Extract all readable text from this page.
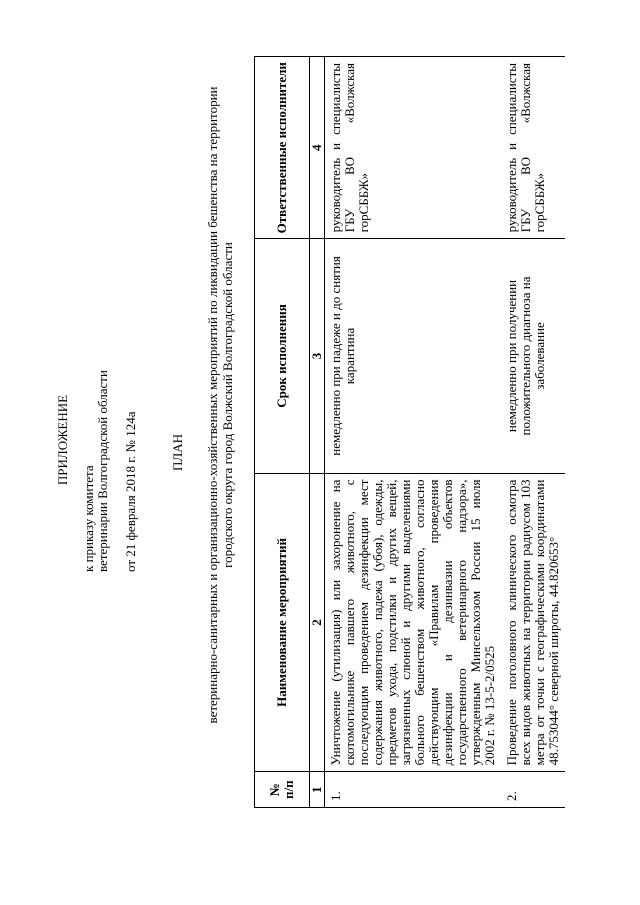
ПРИЛОЖЕНИЕ
к приказу комитета ветеринарии Волгоградской области от 21 февраля 2018 г. № 124а ПЛАН ветеринарно-санитарных и организационно-хозяйственных мероприятий по ликвидации бешенства на территории городского округа город Волжский Волгоградской области
№ п/п	Наименование мероприятий	Срок исполнения	Ответственные исполнители
1	2	3	4
1.	Уничтожение (утилизация) или захоронение на скотомогильнике павшего животного, с последующим проведением дезинфекции мест содержания животного, падежа (убоя), одежды, предметов ухода, подстилки и других вещей, загрязненных слюной и другими выделениями больного бешенством животного, согласно действующим «Правилам проведения дезинфекции и дезинвазии объектов государственного ветеринарного надзора», утвержденным Минсельхозом России 15 июля 2002 г. № 13-5-2/0525	немедленно при падеже и до снятия карантина	руководитель и специалисты ГБУ ВО «Волжская горСББЖ»
2.	Проведение поголовного клинического осмотра всех видов животных на территории радиусом 103 метра от точки с географическими координатами 48.753044° северной широты, 44.820653°	немедленно при получении положительного диагноза на заболевание	руководитель и специалисты ГБУ ВО «Волжская горСББЖ»
